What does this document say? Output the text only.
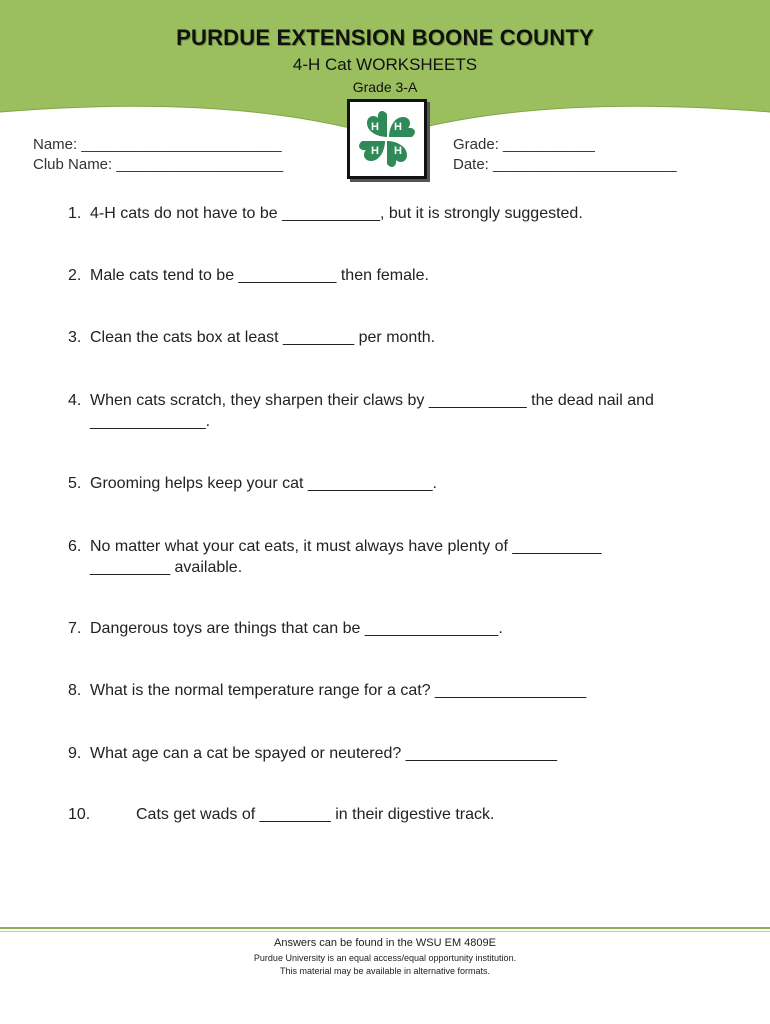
PURDUE EXTENSION BOONE COUNTY
4-H Cat WORKSHEETS
Grade 3-A
H H
H H
Name: ________________________
Club Name: ____________________
Grade: ___________
Date: ______________________
1. 4-H cats do not have to be ___________, but it is strongly suggested.
2. Male cats tend to be ___________ then female.
3. Clean the cats box at least ________ per month.
4. When cats scratch, they sharpen their claws by ___________ the dead nail and
_____________.
5. Grooming helps keep your cat ______________.
6. No matter what your cat eats, it must always have plenty of __________
_________ available.
7. Dangerous toys are things that can be _______________.
8. What is the normal temperature range for a cat? _________________
9. What age can a cat be spayed or neutered? _________________
10.	Cats get wads of ________ in their digestive track.
Answers can be found in the WSU EM 4809E
Purdue University is an equal access/equal opportunity institution.
This material may be available in alternative formats.
